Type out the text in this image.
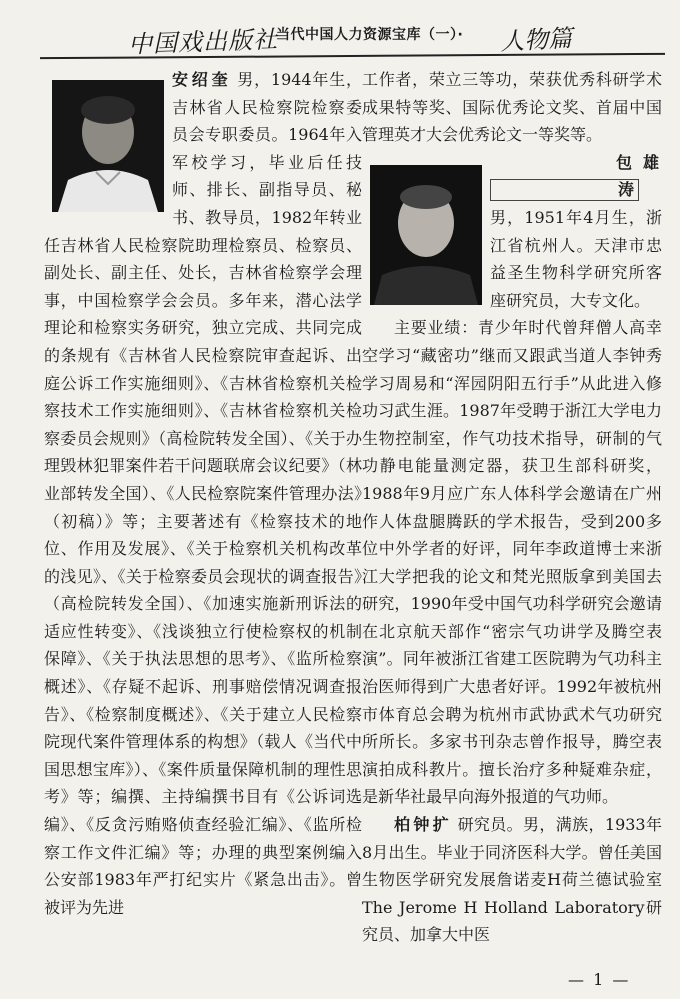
中国戏出版社
当代中国人力资源宝库（一）· 人物篇

安绍奎 男，1944年生，吉林省人民检察院检察委员会专职委员。1964年入军校学习，毕业后任技师、排长、副指导员、秘书、教导员，1982年转业任吉林省人民检察院助理检察员、检察员、副处长、副主任、处长，吉林省检察学会理事，中国检察学会会员。多年来，潜心法学理论和检察实务研究，独立完成、共同完成的条规有《吉林省人民检察院审查起诉、出庭公诉工作实施细则》、《吉林省检察机关检察技术工作实施细则》、《吉林省检察机关检察委员会规则》（高检院转发全国）、《关于办理毁林犯罪案件若干问题联席会议纪要》（林业部转发全国）、《人民检察院案件管理办法》（初稿）》等；主要著述有《检察技术的地位、作用及发展》、《关于检察机关机构改革的浅见》、《关于检察委员会现状的调查报告》（高检院转发全国）、《加速实施新刑诉法的适应性转变》、《浅谈独立行使检察权的机制保障》、《关于执法思想的思考》、《监所检察概述》、《存疑不起诉、刑事赔偿情况调查报告》、《检察制度概述》、《关于建立人民检察院现代案件管理体系的构想》（载人《当代中国思想宝库》）、《案件质量保障机制的理性思考》等；编撰、主持编撰书目有《公诉词选编》、《反贪污贿赂侦查经验汇编》、《监所检察工作文件汇编》等；办理的典型案例编入公安部1983年严打纪实片《紧急出击》。曾被评为先进

工作者，荣立三等功，荣获优秀科研学术成果特等奖、国际优秀论文奖、首届中国管理英才大会优秀论文一等奖等。

包雄涛 男，1951年4月生，浙江省杭州人。天津市忠益圣生物科学研究所客座研究员，大专文化。

主要业绩：青少年时代曾拜僧人高幸空学习“藏密功”继而又跟武当道人李钟秀学习周易和“浑园阴阳五行手”从此进入修功习武生涯。1987年受聘于浙江大学电力生物控制室，作气功技术指导，研制的气功静电能量测定器，获卫生部科研奖，1988年9月应广东人体科学会邀请在广州作人体盘腿腾跃的学术报告，受到200多位中外学者的好评，同年李政道博士来浙江大学把我的论文和梵光照版拿到美国去研究，1990年受中国气功科学研究会邀请在北京航天部作“密宗气功讲学及腾空表演”。同年被浙江省建工医院聘为气功科主治医师得到广大患者好评。1992年被杭州市体育总会聘为杭州市武协武术气功研究所所长。多家书刊杂志曾作报导，腾空表演拍成科教片。擅长治疗多种疑难杂症，是新华社最早向海外报道的气功师。

柏钟扩 研究员。男，满族，1933年8月出生。毕业于同济医科大学。曾任美国生物医学研究发展詹诺麦H荷兰德试验室 The Jerome H Holland Laboratory研究员、加拿大中医

— 1 —
